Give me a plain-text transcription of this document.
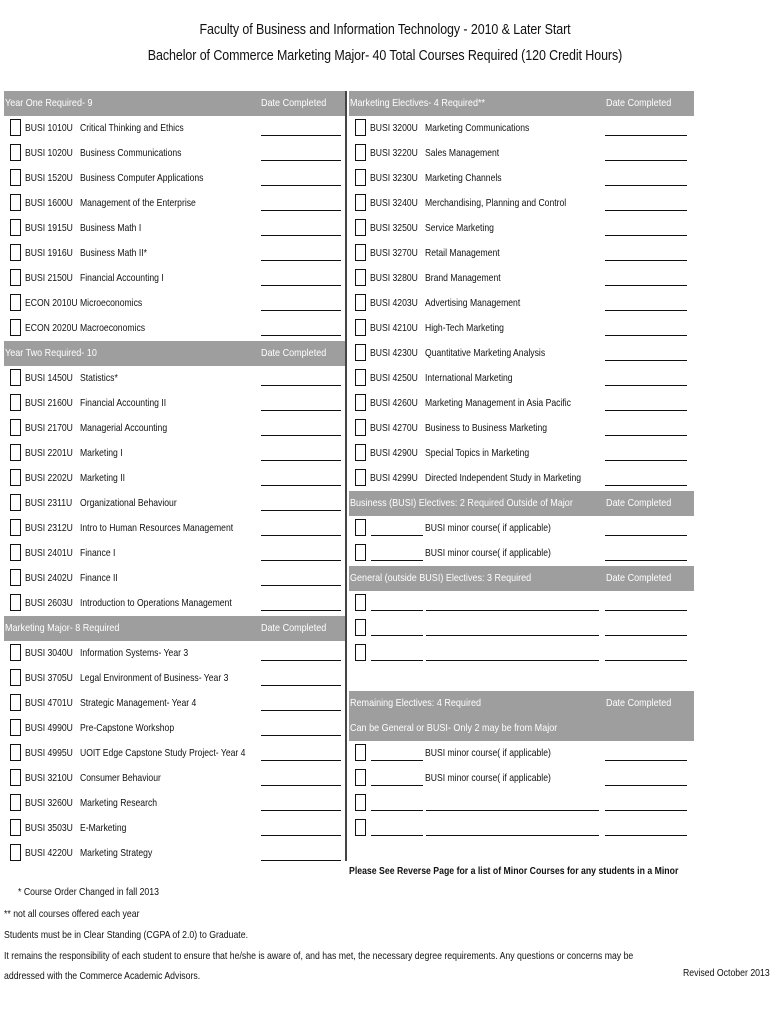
Faculty of Business and Information Technology - 2010 & Later Start
Bachelor of Commerce Marketing Major- 40 Total Courses Required (120 Credit Hours)
Year One Required- 9	Date Completed
BUSI 1010U Critical Thinking and Ethics
BUSI 1020U Business Communications
BUSI 1520U Business Computer Applications
BUSI 1600U Management of the Enterprise
BUSI 1915U Business Math I
BUSI 1916U Business Math II*
BUSI 2150U Financial Accounting I
ECON 2010U Microeconomics
ECON 2020U Macroeconomics
Year Two Required- 10	Date Completed
BUSI 1450U Statistics*
BUSI 2160U Financial Accounting II
BUSI 2170U Managerial Accounting
BUSI 2201U Marketing I
BUSI 2202U Marketing II
BUSI 2311U Organizational Behaviour
BUSI 2312U Intro to Human Resources Management
BUSI 2401U Finance I
BUSI 2402U Finance II
BUSI 2603U Introduction to Operations Management
Marketing Major- 8 Required	Date Completed
BUSI 3040U Information Systems- Year 3
BUSI 3705U Legal Environment of Business- Year 3
BUSI 4701U Strategic Management- Year 4
BUSI 4990U Pre-Capstone Workshop
BUSI 4995U UOIT Edge Capstone Study Project- Year 4
BUSI 3210U Consumer Behaviour
BUSI 3260U Marketing Research
BUSI 3503U E-Marketing
BUSI 4220U Marketing Strategy
Marketing Electives- 4 Required**	Date Completed
BUSI 3200U Marketing Communications
BUSI 3220U Sales Management
BUSI 3230U Marketing Channels
BUSI 3240U Merchandising, Planning and Control
BUSI 3250U Service Marketing
BUSI 3270U Retail Management
BUSI 3280U Brand Management
BUSI 4203U Advertising Management
BUSI 4210U High-Tech Marketing
BUSI 4230U Quantitative Marketing Analysis
BUSI 4250U International Marketing
BUSI 4260U Marketing Management in Asia Pacific
BUSI 4270U Business to Business Marketing
BUSI 4290U Special Topics in Marketing
BUSI 4299U Directed Independent Study in Marketing
Business (BUSI) Electives: 2 Required Outside of Major	Date Completed
BUSI minor course( if applicable)
BUSI minor course( if applicable)
General (outside BUSI) Electives: 3 Required	Date Completed
Remaining Electives: 4 Required	Date Completed
Can be General or BUSI- Only 2 may be from Major
BUSI minor course( if applicable)
BUSI minor course( if applicable)
Please See Reverse Page for a list of Minor Courses for any students in a Minor
* Course Order Changed in fall 2013
** not all courses offered each year
Students must be in Clear Standing (CGPA of 2.0) to Graduate.
It remains the responsibility of each student to ensure that he/she is aware of, and has met, the necessary degree requirements. Any questions or concerns may be
addressed with the Commerce Academic Advisors.	Revised October 2013
